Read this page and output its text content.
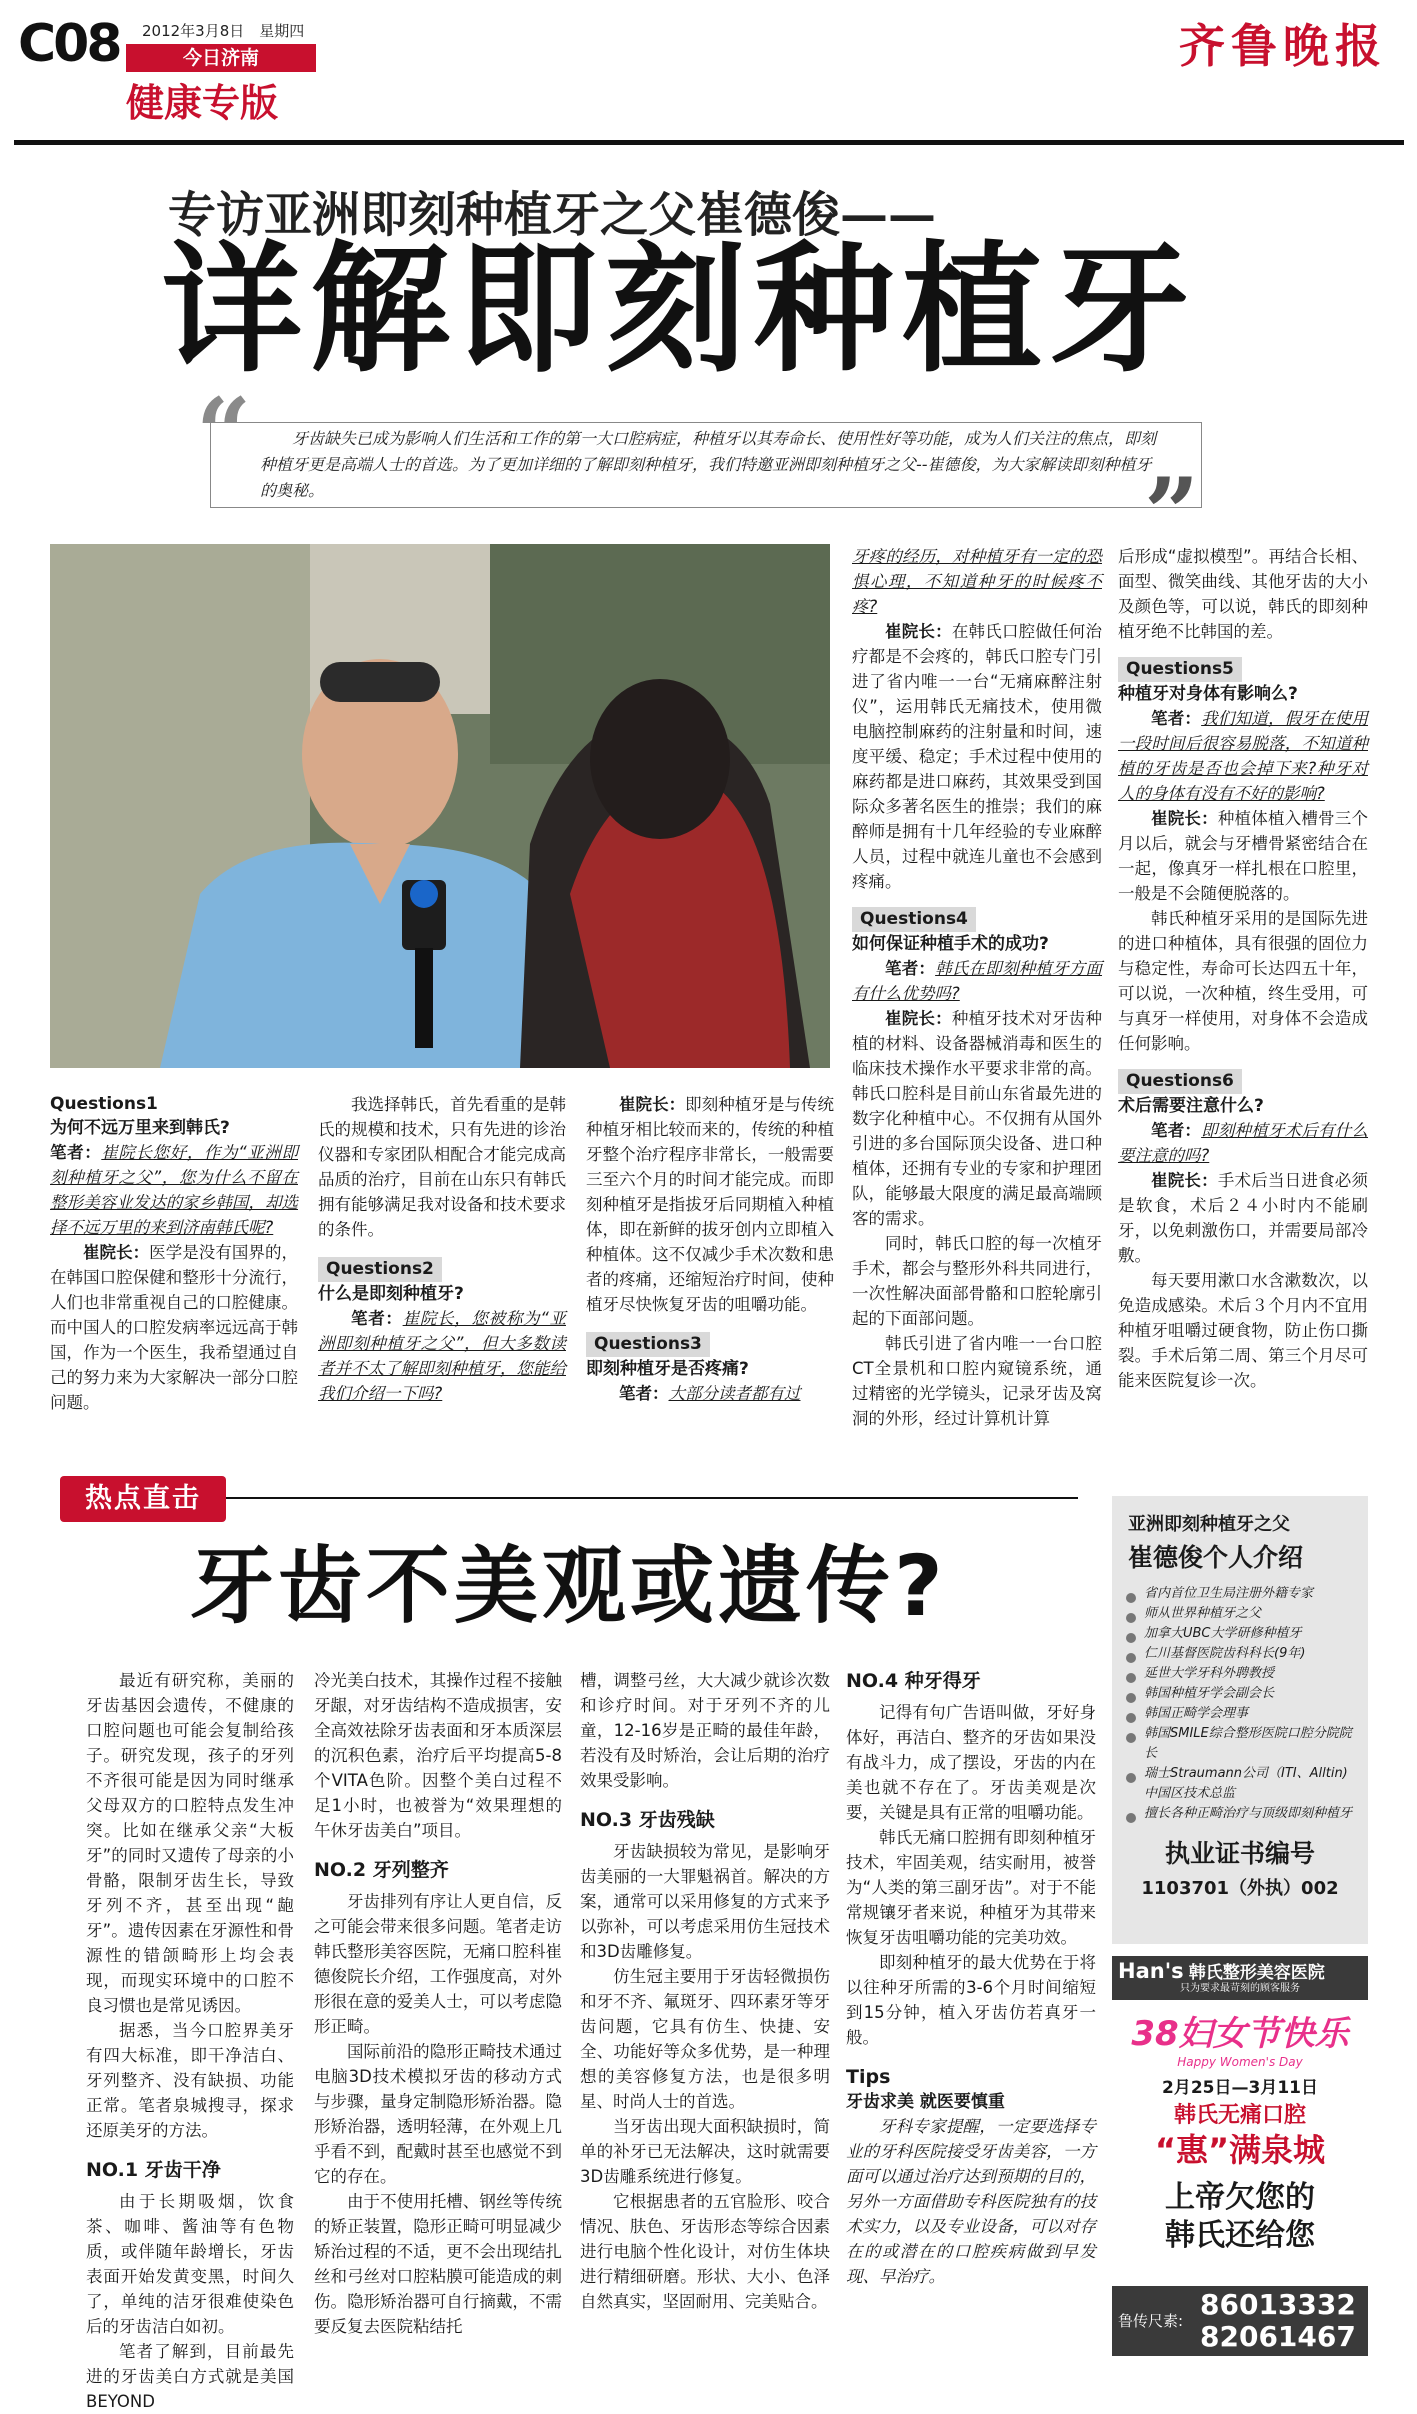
C08 2012年3月8日　星期四
今日济南
健康专版
齐鲁晚报
专访亚洲即刻种植牙之父崔德俊——
详解即刻种植牙
“	牙齿缺失已成为影响人们生活和工作的第一大口腔病症，种植牙以其寿命长、使用性好等功能，成为人们关注的焦点，即刻种植牙更是高端人士的首选。为了更加详细的了解即刻种植牙，我们特邀亚洲即刻种植牙之父--崔德俊，为大家解读即刻种植牙的奥秘。	”
Questions1
为何不远万里来到韩氏?
笔者：崔院长您好，作为“亚洲即刻种植牙之父”，您为什么不留在整形美容业发达的家乡韩国，却选择不远万里的来到济南韩氏呢?
崔院长：医学是没有国界的，在韩国口腔保健和整形十分流行，人们也非常重视自己的口腔健康。而中国人的口腔发病率远远高于韩国，作为一个医生，我希望通过自己的努力来为大家解决一部分口腔问题。

我选择韩氏，首先看重的是韩氏的规模和技术，只有先进的诊治仪器和专家团队相配合才能完成高品质的治疗，目前在山东只有韩氏拥有能够满足我对设备和技术要求的条件。

Questions2
什么是即刻种植牙?
笔者：崔院长，您被称为“亚洲即刻种植牙之父”，但大多数读者并不太了解即刻种植牙，您能给我们介绍一下吗?
崔院长：即刻种植牙是与传统种植牙相比较而来的，传统的种植牙整个治疗程序非常长，一般需要三至六个月的时间才能完成。而即刻种植牙是指拔牙后同期植入种植体，即在新鲜的拔牙创内立即植入种植体。这不仅减少手术次数和患者的疼痛，还缩短治疗时间，使种植牙尽快恢复牙齿的咀嚼功能。
Questions3
即刻种植牙是否疼痛?
笔者：大部分读者都有过
牙疼的经历，对种植牙有一定的恐惧心理，不知道种牙的时候疼不疼?
崔院长：在韩氏口腔做任何治疗都是不会疼的，韩氏口腔专门引进了省内唯一一台“无痛麻醉注射仪”，运用韩氏无痛技术，使用微电脑控制麻药的注射量和时间，速度平缓、稳定；手术过程中使用的麻药都是进口麻药，其效果受到国际众多著名医生的推崇；我们的麻醉师是拥有十几年经验的专业麻醉人员，过程中就连儿童也不会感到疼痛。
Questions4
如何保证种植手术的成功?
笔者：韩氏在即刻种植牙方面有什么优势吗?
崔院长：种植牙技术对牙齿种植的材料、设备器械消毒和医生的临床技术操作水平要求非常的高。韩氏口腔科是目前山东省最先进的数字化种植中心。不仅拥有从国外引进的多台国际顶尖设备、进口种植体，还拥有专业的专家和护理团队，能够最大限度的满足最高端顾客的需求。

同时，韩氏口腔的每一次植牙手术，都会与整形外科共同进行，一次性解决面部骨骼和口腔轮廓引起的下面部问题。

韩氏引进了省内唯一一台口腔CT全景机和口腔内窥镜系统，通过精密的光学镜头，记录牙齿及窝洞的外形，经过计算机计算

后形成“虚拟模型”。再结合长相、面型、微笑曲线、其他牙齿的大小及颜色等，可以说，韩氏的即刻种植牙绝不比韩国的差。
Questions5
种植牙对身体有影响么?
笔者：我们知道，假牙在使用一段时间后很容易脱落，不知道种植的牙齿是否也会掉下来?种牙对人的身体有没有不好的影响?
崔院长：种植体植入槽骨三个月以后，就会与牙槽骨紧密结合在一起，像真牙一样扎根在口腔里，一般是不会随便脱落的。

韩氏种植牙采用的是国际先进的进口种植体，具有很强的固位力与稳定性，寿命可长达四五十年，可以说，一次种植，终生受用，可与真牙一样使用，对身体不会造成任何影响。

Questions6
术后需要注意什么?
笔者：即刻种植牙术后有什么要注意的吗?
崔院长：手术后当日进食必须是软食，术后２４小时内不能刷牙，以免刺激伤口，并需要局部冷敷。

每天要用漱口水含漱数次，以免造成感染。术后３个月内不宜用种植牙咀嚼过硬食物，防止伤口撕裂。手术后第二周、第三个月尽可能来医院复诊一次。

热点直击
牙齿不美观或遗传?

最近有研究称，美丽的牙齿基因会遗传，不健康的口腔问题也可能会复制给孩子。研究发现，孩子的牙列不齐很可能是因为同时继承父母双方的口腔特点发生冲突。比如在继承父亲“大板牙”的同时又遗传了母亲的小骨骼，限制牙齿生长，导致牙列不齐，甚至出现“龅牙”。遗传因素在牙源性和骨源性的错颌畸形上均会表现，而现实环境中的口腔不良习惯也是常见诱因。

据悉，当今口腔界美牙有四大标准，即干净洁白、牙列整齐、没有缺损、功能正常。笔者泉城搜寻，探求还原美牙的方法。

NO.1 牙齿干净

由于长期吸烟，饮食茶、咖啡、酱油等有色物质，或伴随年龄增长，牙齿表面开始发黄变黑，时间久了，单纯的洁牙很难使染色后的牙齿洁白如初。

笔者了解到，目前最先进的牙齿美白方式就是美国BEYOND

冷光美白技术，其操作过程不接触牙龈，对牙齿结构不造成损害，安全高效祛除牙齿表面和牙本质深层的沉积色素，治疗后平均提高5-8个VITA色阶。因整个美白过程不足1小时，也被誉为“效果理想的午休牙齿美白”项目。
NO.2 牙列整齐

牙齿排列有序让人更自信，反之可能会带来很多问题。笔者走访韩氏整形美容医院，无痛口腔科崔德俊院长介绍，工作强度高，对外形很在意的爱美人士，可以考虑隐形正畸。

国际前沿的隐形正畸技术通过电脑3D技术模拟牙齿的移动方式与步骤，量身定制隐形矫治器。隐形矫治器，透明轻薄，在外观上几乎看不到，配戴时甚至也感觉不到它的存在。

由于不使用托槽、钢丝等传统的矫正装置，隐形正畸可明显减少矫治过程的不适，更不会出现结扎丝和弓丝对口腔粘膜可能造成的刺伤。隐形矫治器可自行摘戴，不需要反复去医院粘结托

槽，调整弓丝，大大减少就诊次数和诊疗时间。对于牙列不齐的儿童，12-16岁是正畸的最佳年龄，若没有及时矫治，会让后期的治疗效果受影响。
NO.3 牙齿残缺

牙齿缺损较为常见，是影响牙齿美丽的一大罪魁祸首。解决的方案，通常可以采用修复的方式来予以弥补，可以考虑采用仿生冠技术和3D齿雕修复。

仿生冠主要用于牙齿轻微损伤和牙不齐、氟斑牙、四环素牙等牙齿问题，它具有仿生、快捷、安全、功能好等众多优势，是一种理想的美容修复方法，也是很多明星、时尚人士的首选。

当牙齿出现大面积缺损时，简单的补牙已无法解决，这时就需要3D齿雕系统进行修复。

它根据患者的五官脸形、咬合情况、肤色、牙齿形态等综合因素进行电脑个性化设计，对仿生体块进行精细研磨。形状、大小、色泽自然真实，坚固耐用、完美贴合。

NO.4 种牙得牙

记得有句广告语叫做，牙好身体好，再洁白、整齐的牙齿如果没有战斗力，成了摆设，牙齿的内在美也就不存在了。牙齿美观是次要，关键是具有正常的咀嚼功能。

韩氏无痛口腔拥有即刻种植牙技术，牢固美观，结实耐用，被誉为“人类的第三副牙齿”。对于不能常规镶牙者来说，种植牙为其带来恢复牙齿咀嚼功能的完美功效。

即刻种植牙的最大优势在于将以往种牙所需的3-6个月时间缩短到15分钟，植入牙齿仿若真牙一般。

Tips
牙齿求美 就医要慎重

牙科专家提醒，一定要选择专业的牙科医院接受牙齿美容，一方面可以通过治疗达到预期的目的，另外一方面借助专科医院独有的技术实力，以及专业设备，可以对存在的或潜在的口腔疾病做到早发现、早治疗。

亚洲即刻种植牙之父
崔德俊个人介绍
省内首位卫生局注册外籍专家
师从世界种植牙之父
加拿大UBC大学研修种植牙
仁川基督医院齿科科长(9年)
延世大学牙科外聘教授
韩国种植牙学会副会长
韩国正畸学会理事
韩国SMILE综合整形医院口腔分院院长
瑞士Straumann公司（ITI、Alltin)中国区技术总监
擅长各种正畸治疗与顶级即刻种植牙
执业证书编号
1103701（外执）002
Han's 韩氏整形美容医院
只为要求最苛刻的顾客服务
38妇女节快乐
Happy Women's Day
2月25日—3月11日
韩氏无痛口腔
“惠”满泉城
上帝欠您的
韩氏还给您
鲁传尺素: 86013332
82061467
